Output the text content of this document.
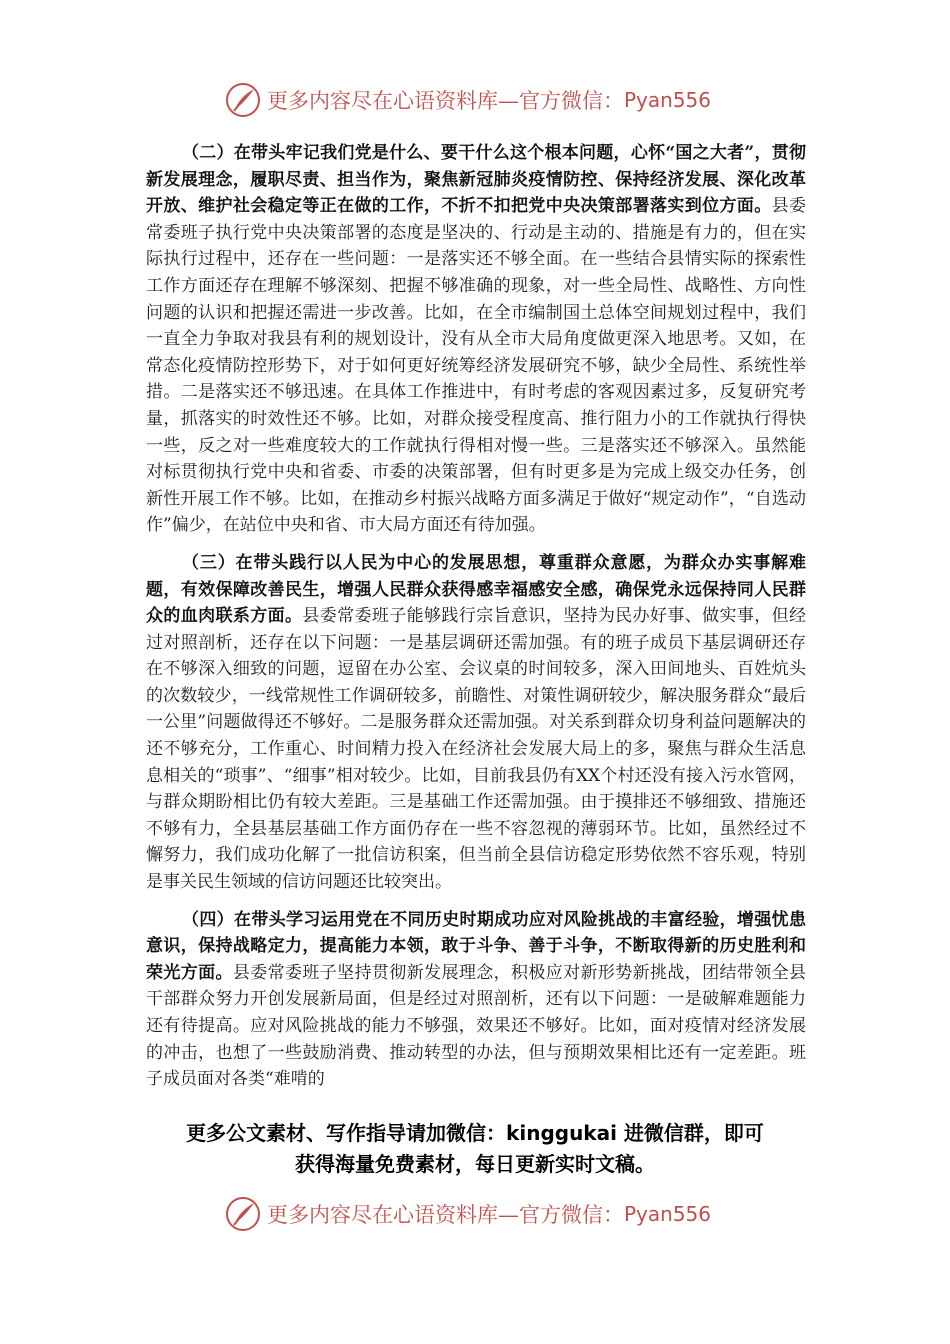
更多内容尽在心语资料库—官方微信： Pyan556

（二）在带头牢记我们党是什么、要干什么这个根本问题，心怀“国之大者”，贯彻新发展理念，履职尽责、担当作为，聚焦新冠肺炎疫情防控、保持经济发展、深化改革开放、维护社会稳定等正在做的工作，不折不扣把党中央决策部署落实到位方面。县委常委班子执行党中央决策部署的态度是坚决的、行动是主动的、措施是有力的，但在实际执行过程中，还存在一些问题：一是落实还不够全面。在一些结合县情实际的探索性工作方面还存在理解不够深刻、把握不够准确的现象，对一些全局性、战略性、方向性问题的认识和把握还需进一步改善。比如，在全市编制国土总体空间规划过程中，我们一直全力争取对我县有利的规划设计，没有从全市大局角度做更深入地思考。又如，在常态化疫情防控形势下，对于如何更好统筹经济发展研究不够，缺少全局性、系统性举措。二是落实还不够迅速。在具体工作推进中，有时考虑的客观因素过多，反复研究考量，抓落实的时效性还不够。比如，对群众接受程度高、推行阻力小的工作就执行得快一些，反之对一些难度较大的工作就执行得相对慢一些。三是落实还不够深入。虽然能对标贯彻执行党中央和省委、市委的决策部署，但有时更多是为完成上级交办任务，创新性开展工作不够。比如，在推动乡村振兴战略方面多满足于做好“规定动作”，“自选动作”偏少，在站位中央和省、市大局方面还有待加强。

（三）在带头践行以人民为中心的发展思想，尊重群众意愿，为群众办实事解难题，有效保障改善民生，增强人民群众获得感幸福感安全感，确保党永远保持同人民群众的血肉联系方面。县委常委班子能够践行宗旨意识，坚持为民办好事、做实事，但经过对照剖析，还存在以下问题：一是基层调研还需加强。有的班子成员下基层调研还存在不够深入细致的问题，逗留在办公室、会议桌的时间较多，深入田间地头、百姓炕头的次数较少，一线常规性工作调研较多，前瞻性、对策性调研较少，解决服务群众“最后一公里”问题做得还不够好。二是服务群众还需加强。对关系到群众切身利益问题解决的还不够充分，工作重心、时间精力投入在经济社会发展大局上的多，聚焦与群众生活息息相关的“琐事”、“细事”相对较少。比如，目前我县仍有XX个村还没有接入污水管网，与群众期盼相比仍有较大差距。三是基础工作还需加强。由于摸排还不够细致、措施还不够有力，全县基层基础工作方面仍存在一些不容忽视的薄弱环节。比如，虽然经过不懈努力，我们成功化解了一批信访积案，但当前全县信访稳定形势依然不容乐观，特别是事关民生领域的信访问题还比较突出。

（四）在带头学习运用党在不同历史时期成功应对风险挑战的丰富经验，增强忧患意识，保持战略定力，提高能力本领，敢于斗争、善于斗争，不断取得新的历史胜利和荣光方面。县委常委班子坚持贯彻新发展理念，积极应对新形势新挑战，团结带领全县干部群众努力开创发展新局面，但是经过对照剖析，还有以下问题：一是破解难题能力还有待提高。应对风险挑战的能力不够强，效果还不够好。比如，面对疫情对经济发展的冲击，也想了一些鼓励消费、推动转型的办法，但与预期效果相比还有一定差距。班子成员面对各类“难啃的

更多公文素材、写作指导请加微信：kinggukai 进微信群，即可
获得海量免费素材，每日更新实时文稿。
更多内容尽在心语资料库—官方微信： Pyan556
